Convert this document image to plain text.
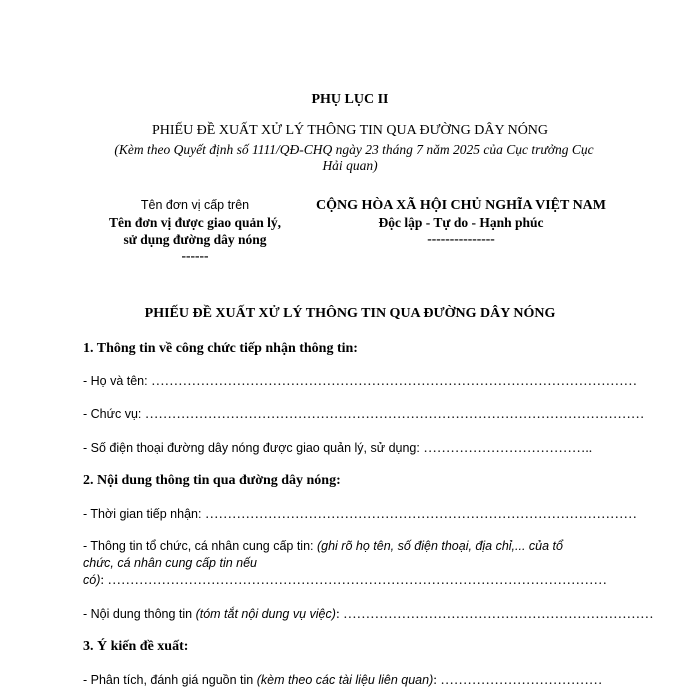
PHỤ LỤC II
PHIẾU ĐỀ XUẤT XỬ LÝ THÔNG TIN QUA ĐƯỜNG DÂY NÓNG
(Kèm theo Quyết định số 1111/QĐ-CHQ ngày 23 tháng 7 năm 2025 của Cục trưởng Cục
Hải quan)
Tên đơn vị cấp trên
Tên đơn vị được giao quản lý,
sử dụng đường dây nóng
------
CỘNG HÒA XÃ HỘI CHỦ NGHĨA VIỆT NAM
Độc lập - Tự do - Hạnh phúc
---------------
PHIẾU ĐỀ XUẤT XỬ LÝ THÔNG TIN QUA ĐƯỜNG DÂY NÓNG
1. Thông tin về công chức tiếp nhận thông tin:
- Họ và tên: ………………………………………………………………………………………………
- Chức vụ: …………………………………………………………………………………………………
- Số điện thoại đường dây nóng được giao quản lý, sử dụng: ………………………………..
2. Nội dung thông tin qua đường dây nóng:
- Thời gian tiếp nhận: ……………………………………………………………………………………
- Thông tin tổ chức, cá nhân cung cấp tin: (ghi rõ họ tên, số điện thoại, địa chỉ,... của tổ
chức, cá nhân cung cấp tin nếu
có): …………………………………………………………………………………………………
- Nội dung thông tin (tóm tắt nội dung vụ việc): ……………………………………………………………
3. Ý kiến đề xuất:
- Phân tích, đánh giá nguồn tin (kèm theo các tài liệu liên quan): ………………………………
